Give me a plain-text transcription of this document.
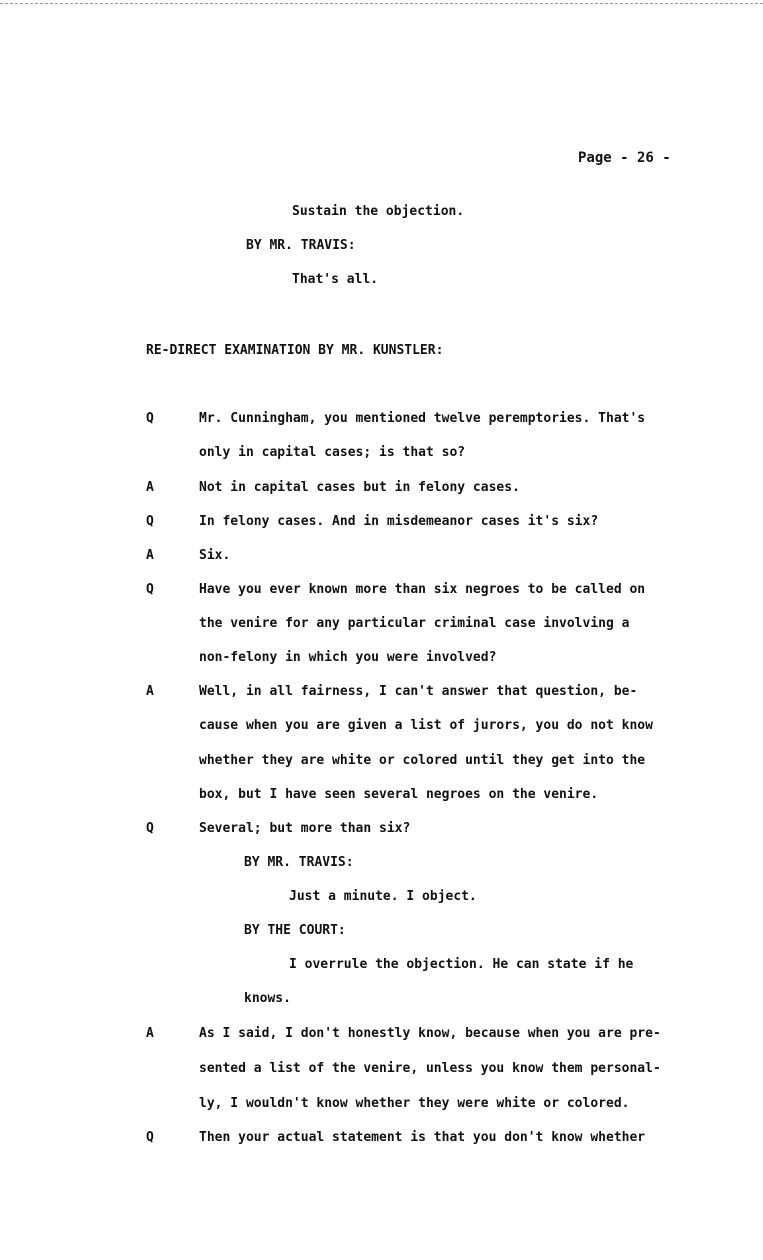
Page - 26 -
Sustain the objection.
BY MR. TRAVIS:
That's all.
RE-DIRECT EXAMINATION BY MR. KUNSTLER:
Q
A
Q
A
Q
A
Q
A
Q
Mr. Cunningham, you mentioned twelve peremptories. That's
only in capital cases; is that so?
Not in capital cases but in felony cases.
In felony cases. And in misdemeanor cases it's six?
Six.
Have you ever known more than six negroes to be called on
the venire for any particular criminal case involving a
non-felony in which you were involved?
Well, in all fairness, I can't answer that question, be-
cause when you are given a list of jurors, you do not know
whether they are white or colored until they get into the
box, but I have seen several negroes on the venire.
Several; but more than six?
BY MR. TRAVIS:
Just a minute. I object.
BY THE COURT:
I overrule the objection. He can state if he
knows.
As I said, I don't honestly know, because when you are pre-
sented a list of the venire, unless you know them personal-
ly, I wouldn't know whether they were white or colored.
Then your actual statement is that you don't know whether
